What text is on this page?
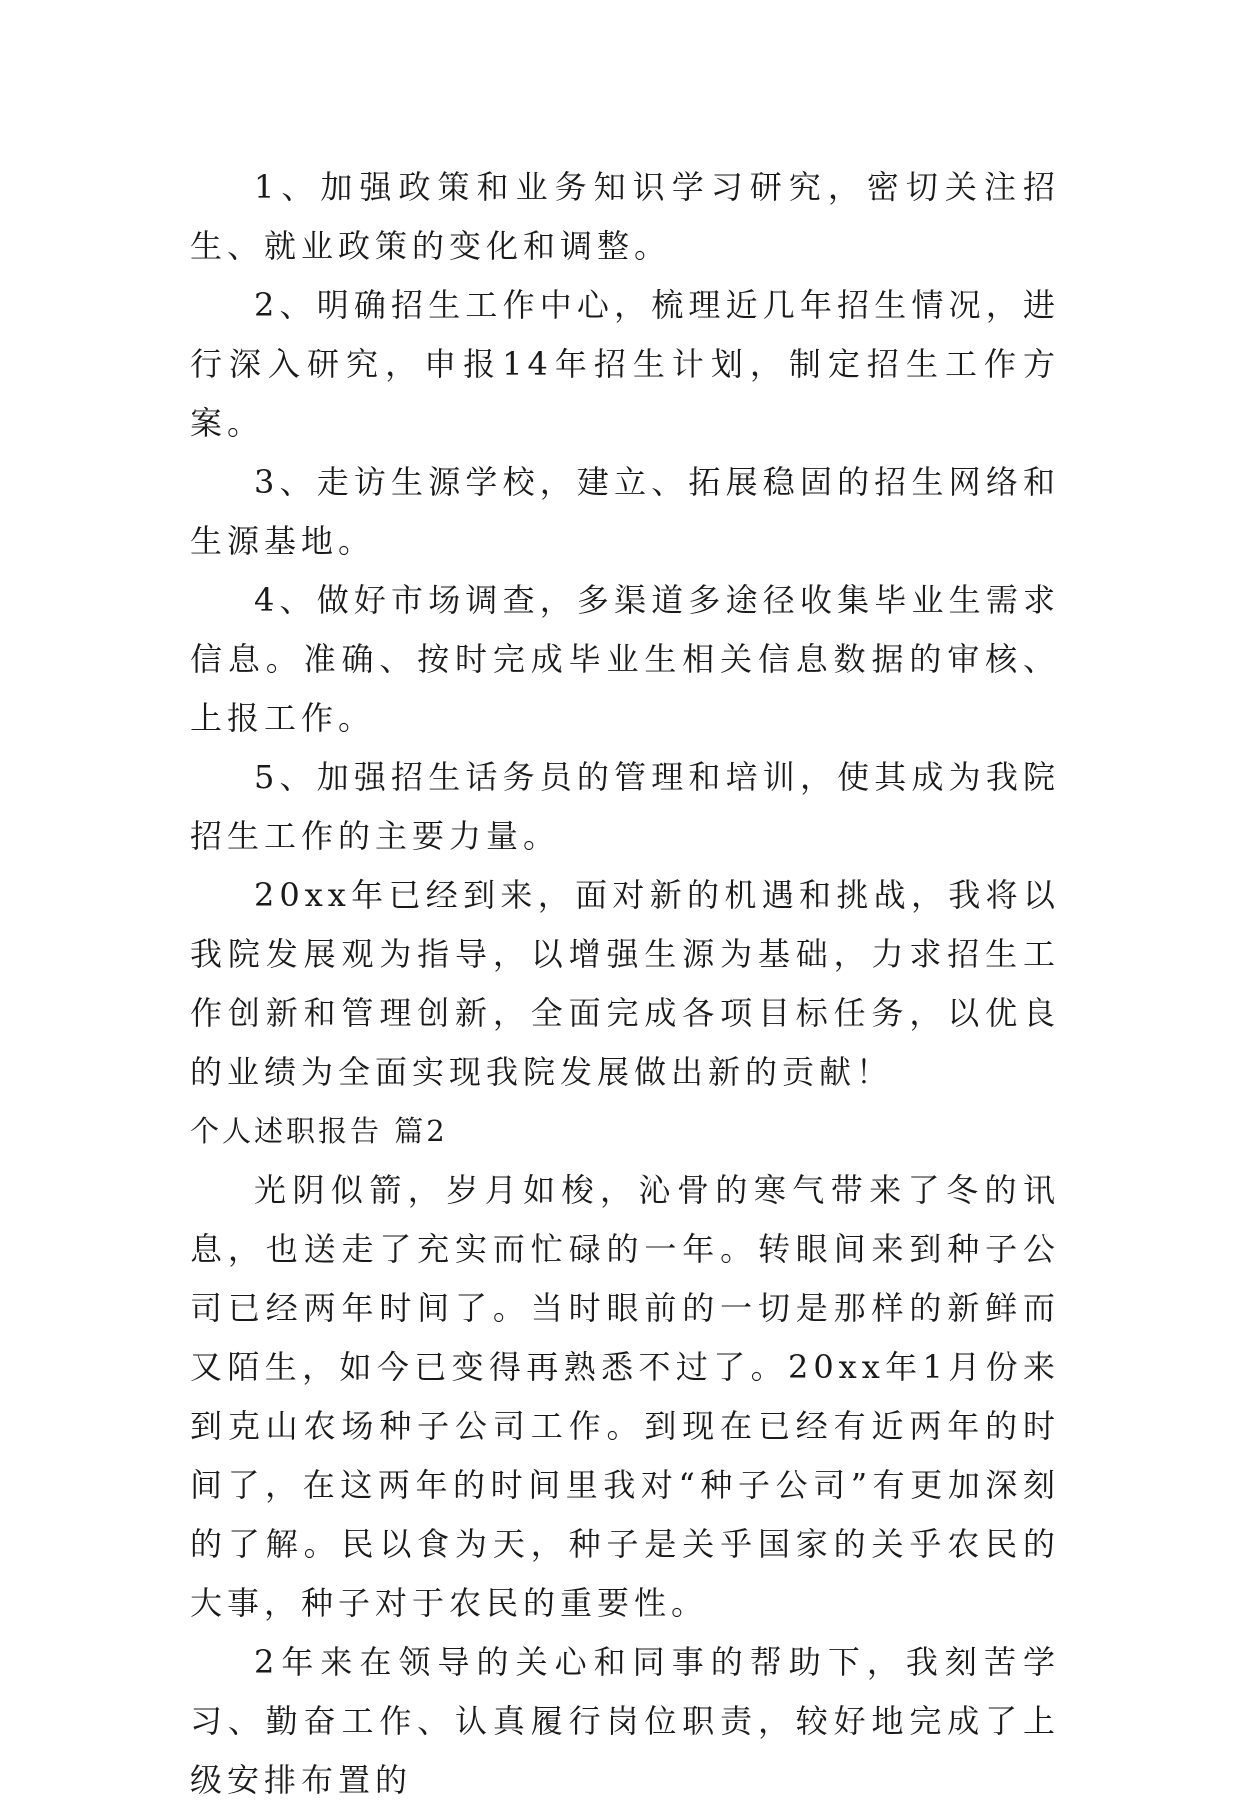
1、加强政策和业务知识学习研究，密切关注招生、就业政策的变化和调整。

2、明确招生工作中心，梳理近几年招生情况，进行深入研究，申报14年招生计划，制定招生工作方案。

3、走访生源学校，建立、拓展稳固的招生网络和生源基地。

4、做好市场调查，多渠道多途径收集毕业生需求信息。准确、按时完成毕业生相关信息数据的审核、上报工作。

5、加强招生话务员的管理和培训，使其成为我院招生工作的主要力量。

20xx年已经到来，面对新的机遇和挑战，我将以我院发展观为指导，以增强生源为基础，力求招生工作创新和管理创新，全面完成各项目标任务，以优良的业绩为全面实现我院发展做出新的贡献！

个人述职报告 篇2

光阴似箭，岁月如梭，沁骨的寒气带来了冬的讯息，也送走了充实而忙碌的一年。转眼间来到种子公司已经两年时间了。当时眼前的一切是那样的新鲜而又陌生，如今已变得再熟悉不过了。20xx年1月份来到克山农场种子公司工作。到现在已经有近两年的时间了，在这两年的时间里我对“种子公司”有更加深刻的了解。民以食为天，种子是关乎国家的关乎农民的大事，种子对于农民的重要性。

2年来在领导的关心和同事的帮助下，我刻苦学习、勤奋工作、认真履行岗位职责，较好地完成了上级安排布置的
